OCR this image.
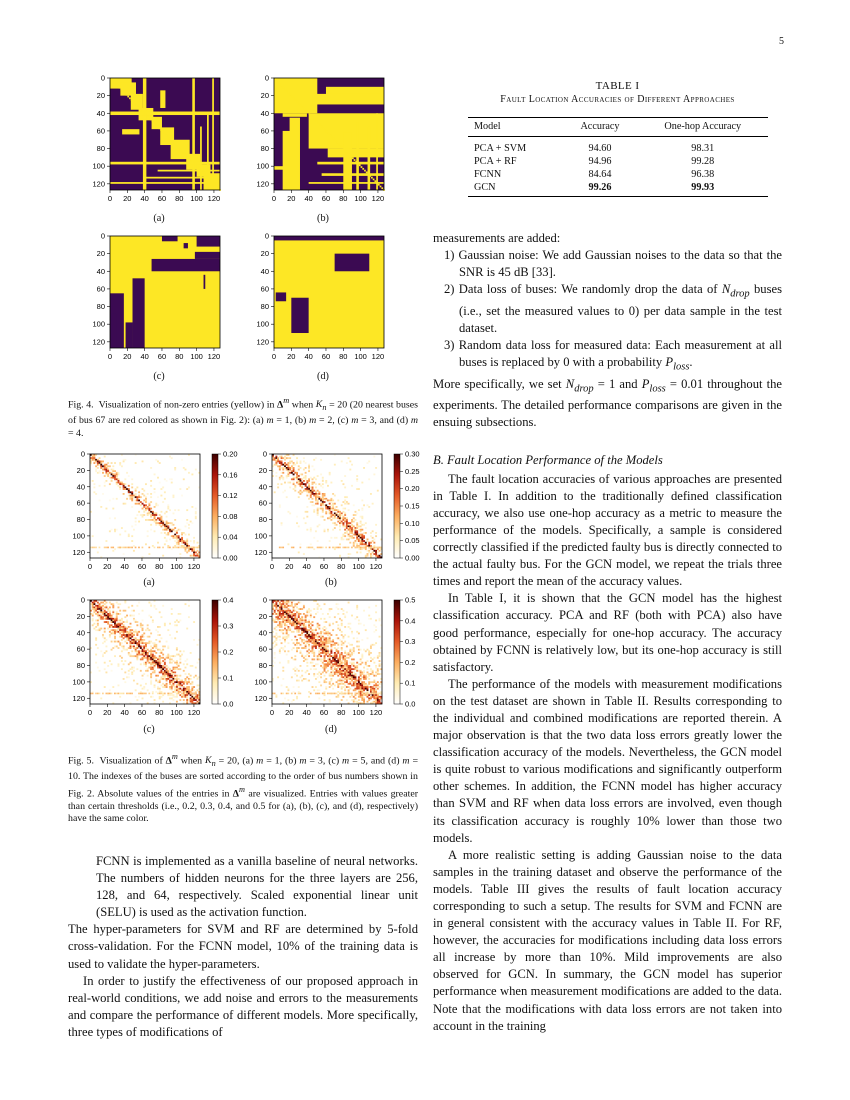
5
TABLE I
Fault Location Accuracies of Different Approaches
Model	Accuracy	One-hop Accuracy
PCA + SVM	94.60	98.31
PCA + RF	94.96	99.28
FCNN	84.64	96.38
GCN	99.26	99.93
0
0
20
20
40
40
60
60
80
80
100
100
120
120
0
0
20
20
40
40
60
60
80
80
100
100
120
120
0
0
20
20
40
40
60
60
80
80
100
100
120
120
0
0
20
20
40
40
60
60
80
80
100
100
120
120
(a)	(b)
(c)	(d)
Fig. 4.  Visualization of non-zero entries (yellow) in $\Delta^m$ when $K_n = 20$ (20 nearest buses of bus 67 are red colored as shown in Fig. 2): (a) m = 1, (b) m = 2, (c) m = 3, and (d) m = 4.
0
0
20
20
40
40
60
60
80
80
100
100
120
120
0.20
0.16
0.12
0.08
0.04
0.00
0
0
20
20
40
40
60
60
80
80
100
100
120
120
0.30
0.25
0.20
0.15
0.10
0.05
0.00
0
0
20
20
40
40
60
60
80
80
100
100
120
120
0.4
0.3
0.2
0.1
0.0
0
0
20
20
40
40
60
60
80
80
100
100
120
120
0.5
0.4
0.3
0.2
0.1
0.0
(a)	(b)
(c)	(d)
Fig. 5.  Visualization of $\Delta^m$ when $K_n = 20$, (a) m = 1, (b) m = 3, (c) m = 5, and (d) m = 10. The indexes of the buses are sorted according to the order of bus numbers shown in Fig. 2. Absolute values of the entries in $\Delta^m$ are visualized. Entries with values greater than certain thresholds (i.e., 0.2, 0.3, 0.4, and 0.5 for (a), (b), (c), and (d), respectively) have the same color.

FCNN is implemented as a vanilla baseline of neural networks. The numbers of hidden neurons for the three layers are 256, 128, and 64, respectively. Scaled exponential linear unit (SELU) is used as the activation function.

The hyper-parameters for SVM and RF are determined by 5-fold cross-validation. For the FCNN model, 10% of the training data is used to validate the hyper-parameters.

In order to justify the effectiveness of our proposed approach in real-world conditions, we add noise and errors to the measurements and compare the performance of different models. More specifically, three types of modifications of

measurements are added:

1) Gaussian noise: We add Gaussian noises to the data so that the SNR is 45 dB [33].
2) Data loss of buses: We randomly drop the data of $N_{drop}$ buses (i.e., set the measured values to 0) per data sample in the test dataset.
3) Random data loss for measured data: Each measurement at all buses is replaced by 0 with a probability $P_{loss}$.

More specifically, we set $N_{drop} = 1$ and $P_{loss} = 0.01$ throughout the experiments. The detailed performance comparisons are given in the ensuing subsections.

B. Fault Location Performance of the Models

The fault location accuracies of various approaches are presented in Table I. In addition to the traditionally defined classification accuracy, we also use one-hop accuracy as a metric to measure the performance of the models. Specifically, a sample is considered correctly classified if the predicted faulty bus is directly connected to the actual faulty bus. For the GCN model, we repeat the trials three times and report the mean of the accuracy values.

In Table I, it is shown that the GCN model has the highest classification accuracy. PCA and RF (both with PCA) also have good performance, especially for one-hop accuracy. The accuracy obtained by FCNN is relatively low, but its one-hop accuracy is still satisfactory.

The performance of the models with measurement modifications on the test dataset are shown in Table II. Results corresponding to the individual and combined modifications are reported therein. A major observation is that the two data loss errors greatly lower the classification accuracy of the models. Nevertheless, the GCN model is quite robust to various modifications and significantly outperform other schemes. In addition, the FCNN model has higher accuracy than SVM and RF when data loss errors are involved, even though its classification accuracy is roughly 10% lower than those two models.

A more realistic setting is adding Gaussian noise to the data samples in the training dataset and observe the performance of the models. Table III gives the results of fault location accuracy corresponding to such a setup. The results for SVM and FCNN are in general consistent with the accuracy values in Table II. For RF, however, the accuracies for modifications including data loss errors all increase by more than 10%. Mild improvements are also observed for GCN. In summary, the GCN model has superior performance when measurement modifications are added to the data. Note that the modifications with data loss errors are not taken into account in the training
